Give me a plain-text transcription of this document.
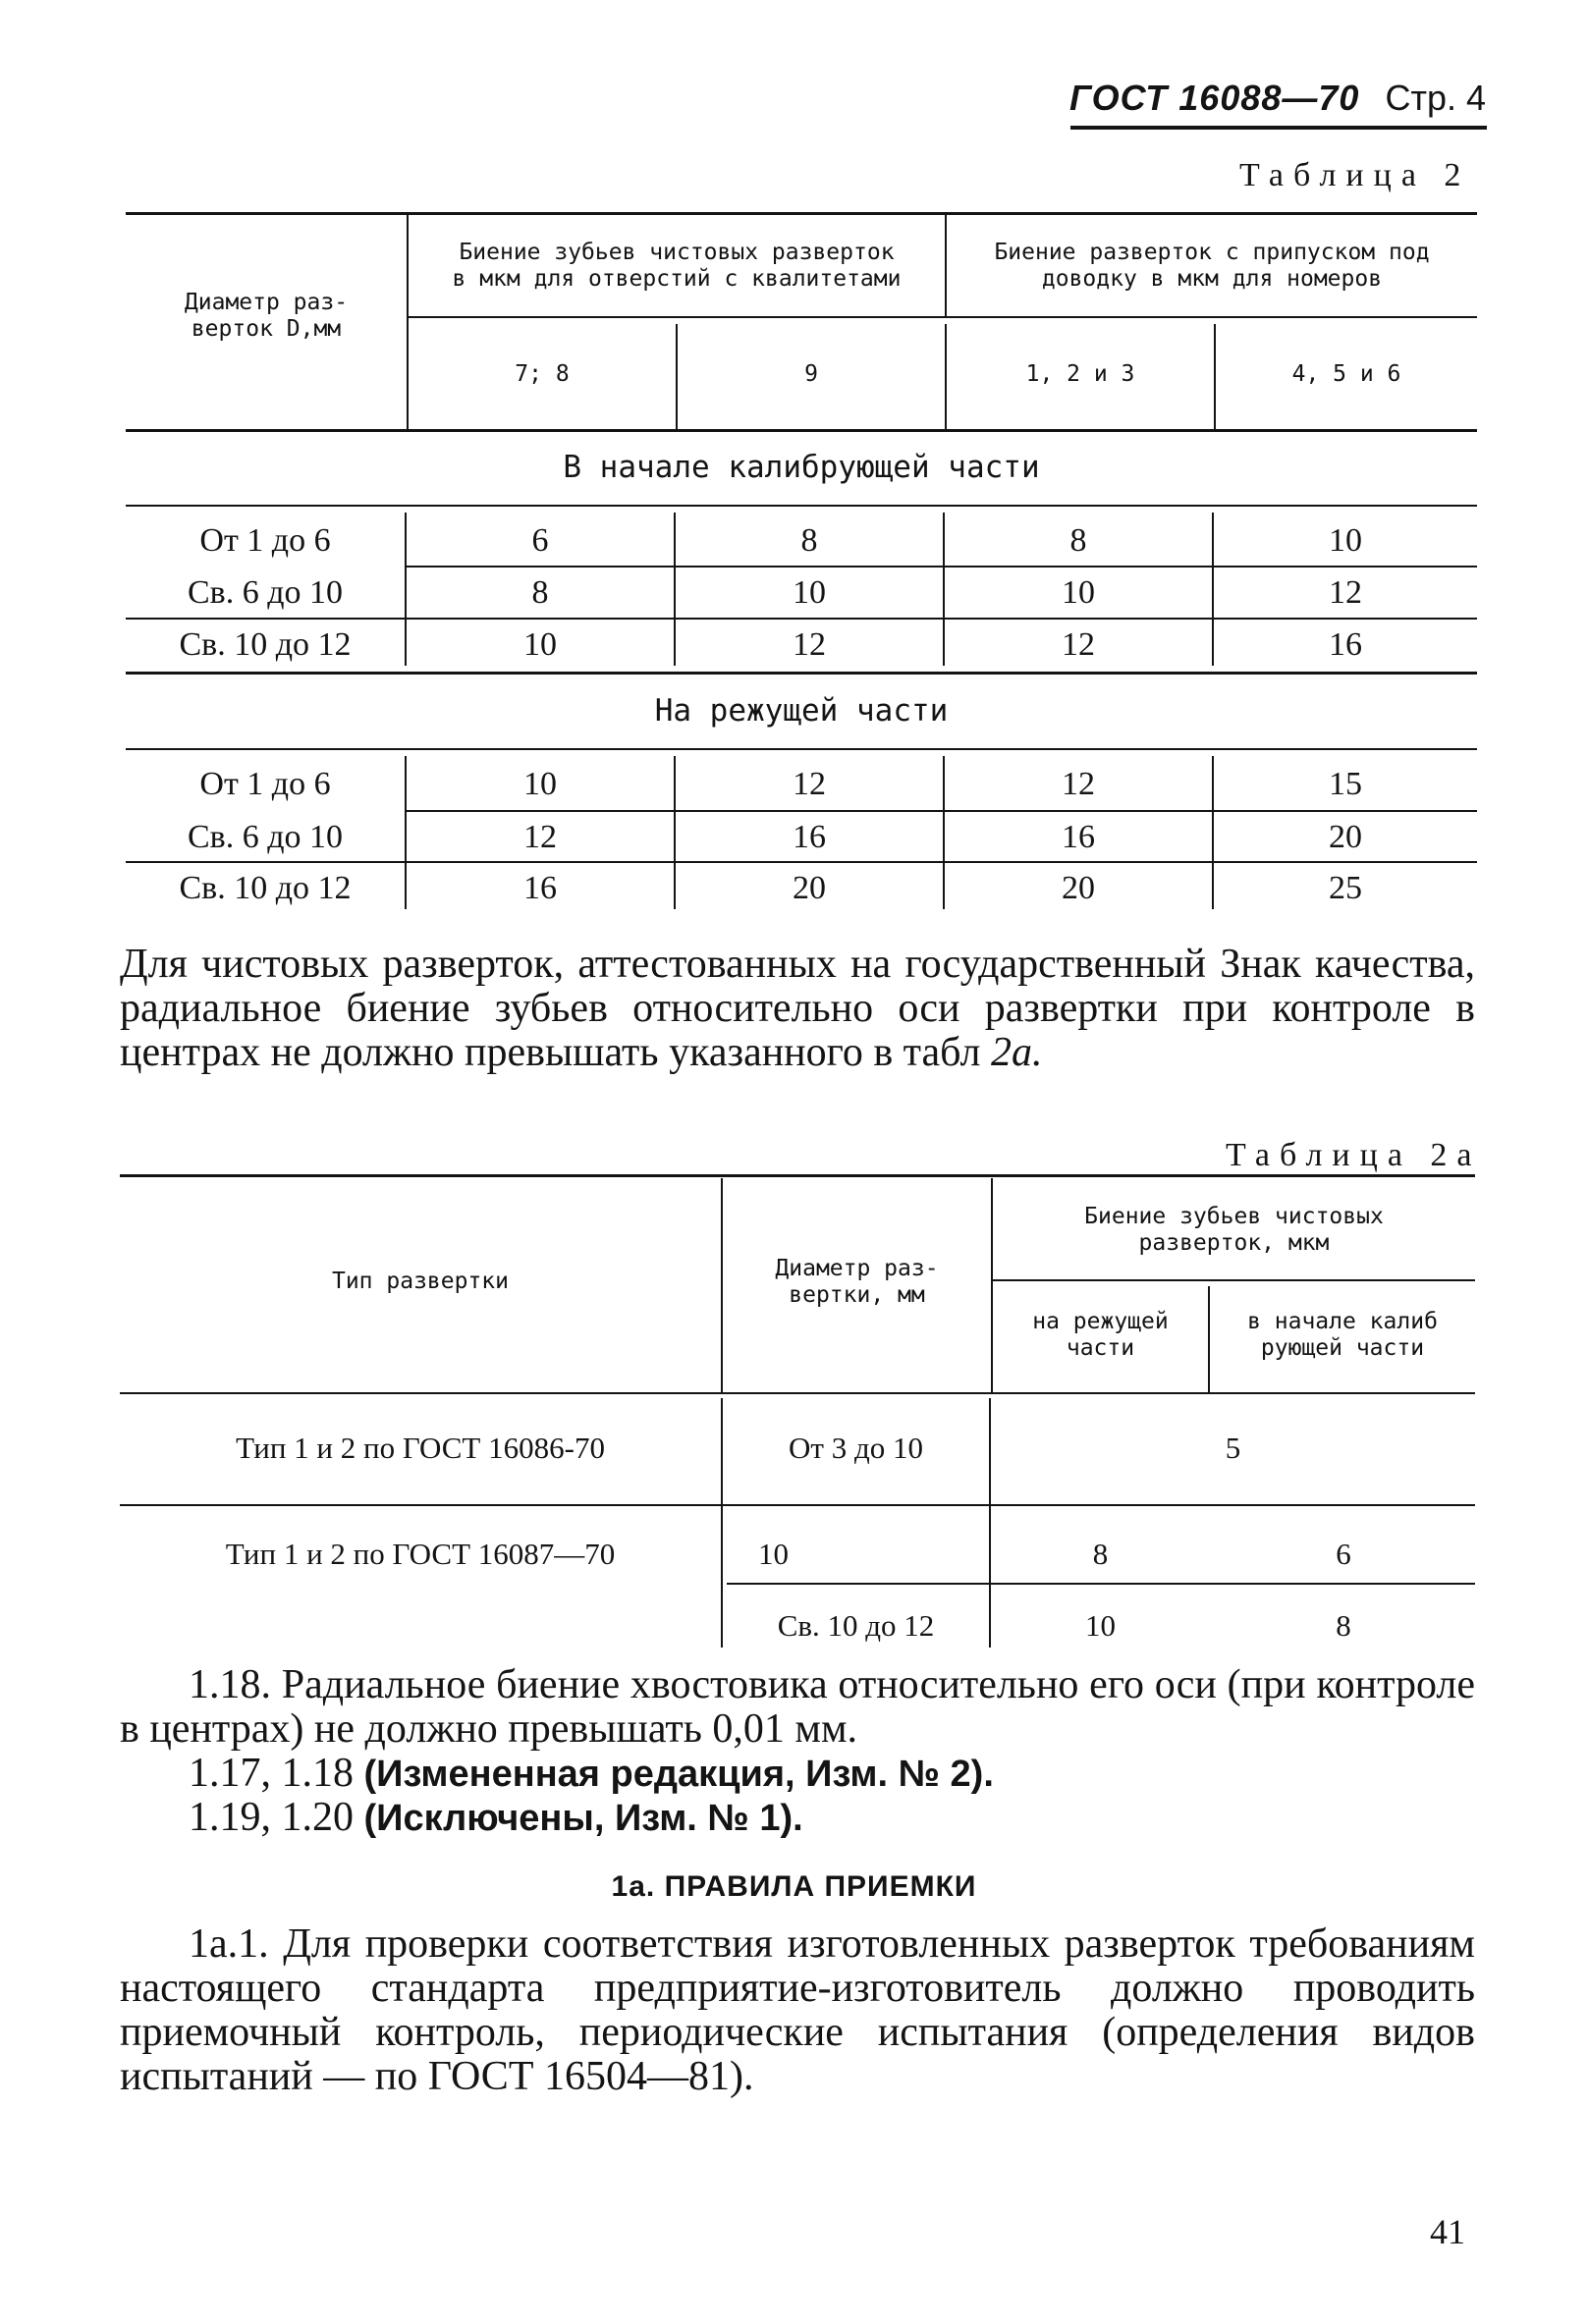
ГОСТ 16088—70 Стр. 4
Таблица 2
Диаметр раз-
верток D,мм
Биение зубьев чистовых разверток
в мкм для отверстий с квалитетами
Биение разверток с припуском под
доводку в мкм для номеров
7; 8	9	1, 2 и 3	4, 5 и 6
В начале калибрующей части
От 1 до 6	6	8	8	10
Св. 6 до 10	8	10	10	12
Св. 10 до 12	10	12	12	16
На режущей части
От 1 до 6	10	12	12	15
Св. 6 до 10	12	16	16	20
Св. 10 до 12	16	20	20	25
Для чистовых разверток, аттестованных на государственный Знак качества, радиальное биение зубьев относительно оси развертки при контроле в центрах не должно превышать указанного в табл 2а.
Таблица 2а
Тип развертки	Диаметр раз-
вертки, мм
Биение зубьев чистовых
разверток, мкм
на режущей
части
в начале калиб
рующей части
Тип 1 и 2 по ГОСТ 16086-70	От 3 до 10	5
Тип 1 и 2 по ГОСТ 16087—70	10	8	6
Св. 10 до 12	10	8
1.18. Радиальное биение хвостовика относительно его оси (при контроле в центрах) не должно превышать 0,01 мм.
1.17, 1.18 (Измененная редакция, Изм. № 2).
1.19, 1.20 (Исключены, Изм. № 1).
1а. ПРАВИЛА ПРИЕМКИ
1а.1. Для проверки соответствия изготовленных разверток требованиям настоящего стандарта предприятие-изготовитель должно проводить приемочный контроль, периодические испытания (определения видов испытаний — по ГОСТ 16504—81).
41
